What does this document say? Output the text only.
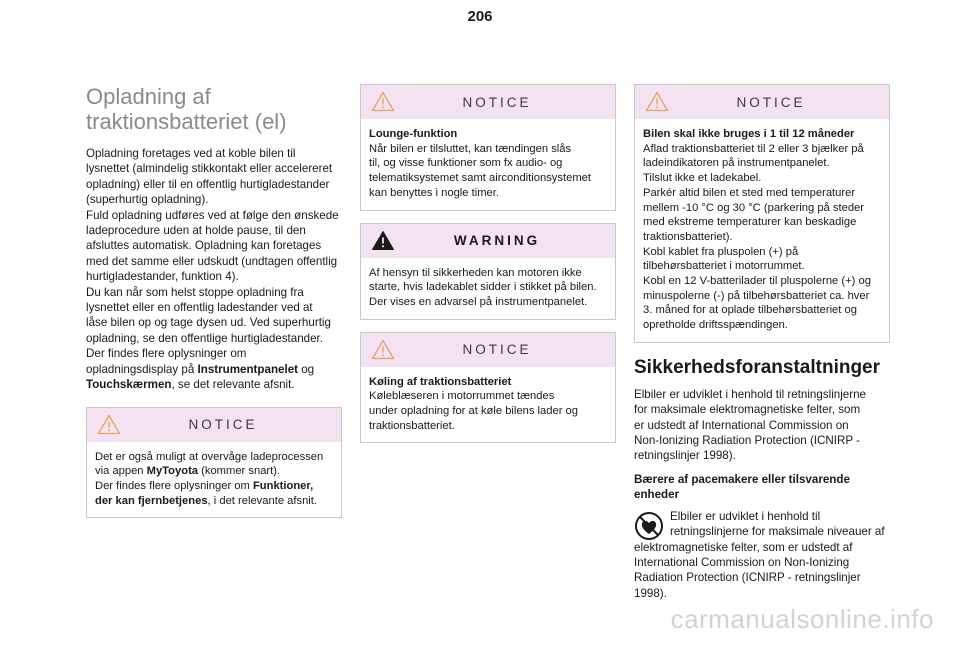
206
Opladning af
traktionsbatteriet (el)
Opladning foretages ved at koble bilen til
lysnettet (almindelig stikkontakt eller accelereret
opladning) eller til en offentlig hurtigladestander
(superhurtig opladning).
Fuld opladning udføres ved at følge den ønskede
ladeprocedure uden at holde pause, til den
afsluttes automatisk. Opladning kan foretages
med det samme eller udskudt (undtagen offentlig
hurtigladestander, funktion 4).
Du kan når som helst stoppe opladning fra
lysnettet eller en offentlig ladestander ved at
låse bilen op og tage dysen ud. Ved superhurtig
opladning, se den offentlige hurtigladestander.
Der findes flere oplysninger om
opladningsdisplay på Instrumentpanelet og
Touchskærmen, se det relevante afsnit.
NOTICE
Det er også muligt at overvåge ladeprocessen
via appen MyToyota (kommer snart).
Der findes flere oplysninger om Funktioner,
der kan fjernbetjenes, i det relevante afsnit.
NOTICE
Lounge-funktion
Når bilen er tilsluttet, kan tændingen slås
til, og visse funktioner som fx audio- og
telematiksystemet samt airconditionsystemet
kan benyttes i nogle timer.
WARNING
Af hensyn til sikkerheden kan motoren ikke
starte, hvis ladekablet sidder i stikket på bilen.
Der vises en advarsel på instrumentpanelet.
NOTICE
Køling af traktionsbatteriet
Køleblæseren i motorrummet tændes
under opladning for at køle bilens lader og
traktionsbatteriet.
NOTICE
Bilen skal ikke bruges i 1 til 12 måneder
Aflad traktionsbatteriet til 2 eller 3 bjælker på
ladeindikatoren på instrumentpanelet.
Tilslut ikke et ladekabel.
Parkér altid bilen et sted med temperaturer
mellem -10 °C og 30 °C (parkering på steder
med ekstreme temperaturer kan beskadige
traktionsbatteriet).
Kobl kablet fra pluspolen (+) på
tilbehørsbatteriet i motorrummet.
Kobl en 12 V-batterilader til pluspolerne (+) og
minuspolerne (-) på tilbehørsbatteriet ca. hver
3. måned for at oplade tilbehørsbatteriet og
opretholde driftsspændingen.
Sikkerhedsforanstaltninger
Elbiler er udviklet i henhold til retningslinjerne
for maksimale elektromagnetiske felter, som
er udstedt af International Commission on
Non-Ionizing Radiation Protection (ICNIRP -
retningslinjer 1998).
Bærere af pacemakere eller tilsvarende
enheder
Elbiler er udviklet i henhold til
retningslinjerne for maksimale niveauer af
elektromagnetiske felter, som er udstedt af
International Commission on Non-Ionizing
Radiation Protection (ICNIRP - retningslinjer
1998).
carmanualsonline.info
